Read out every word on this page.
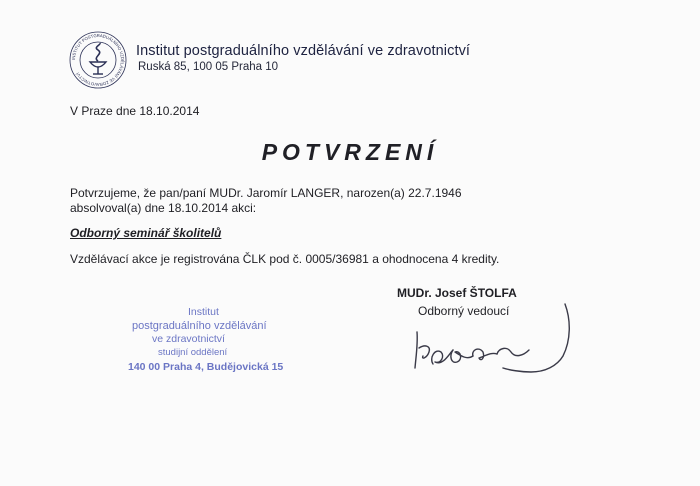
INSTITUT POSTGRADUÁLNÍHO VZDĚLÁVÁNÍ VE ZDRAVOTNICTVÍ
Institut postgraduálního vzdělávání ve zdravotnictví
Ruská 85, 100 05 Praha 10
V Praze dne 18.10.2014
POTVRZENÍ
Potvrzujeme, že pan/paní MUDr. Jaromír LANGER, narozen(a) 22.7.1946
absolvoval(a) dne 18.10.2014 akci:
Odborný seminář školitelů
Vzdělávací akce je registrována ČLK pod č. 0005/36981 a ohodnocena 4 kredity.
MUDr. Josef ŠTOLFA
Odborný vedoucí
Institut
postgraduálního vzdělávání
ve zdravotnictví
studijní oddělení
140 00 Praha 4, Budějovická 15
